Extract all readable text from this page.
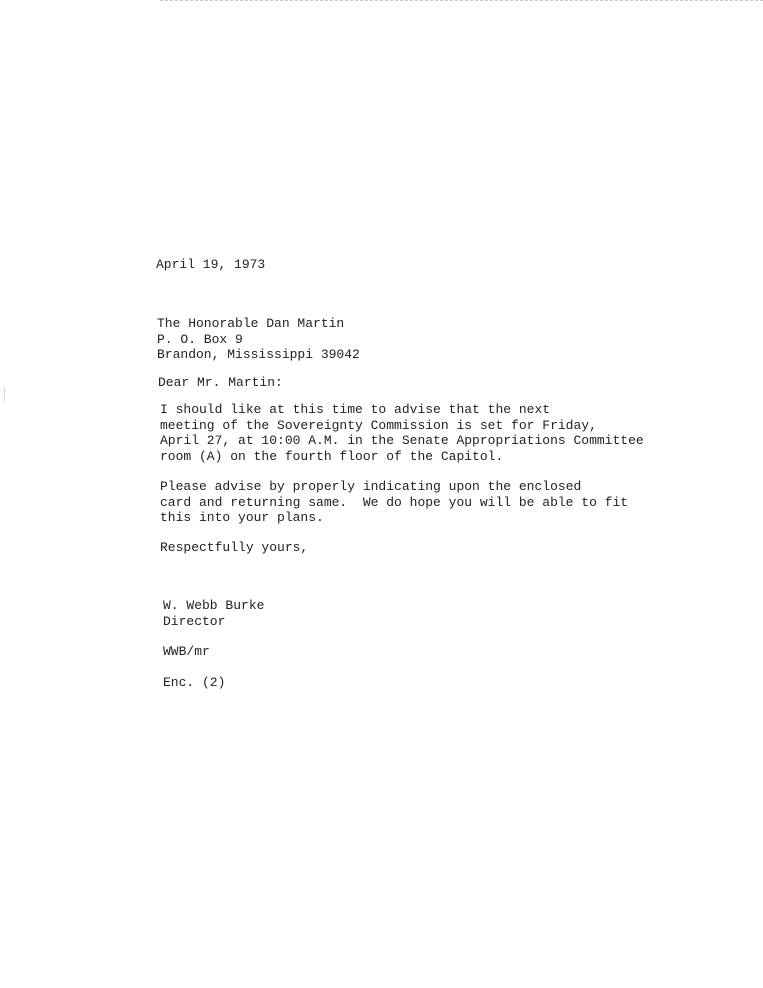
April 19, 1973
The Honorable Dan Martin
P. O. Box 9
Brandon, Mississippi 39042
Dear Mr. Martin:
I should like at this time to advise that the next
meeting of the Sovereignty Commission is set for Friday,
April 27, at 10:00 A.M. in the Senate Appropriations Committee
room (A) on the fourth floor of the Capitol.
Please advise by properly indicating upon the enclosed
card and returning same.  We do hope you will be able to fit
this into your plans.
Respectfully yours,
W. Webb Burke
Director
WWB/mr
Enc. (2)
